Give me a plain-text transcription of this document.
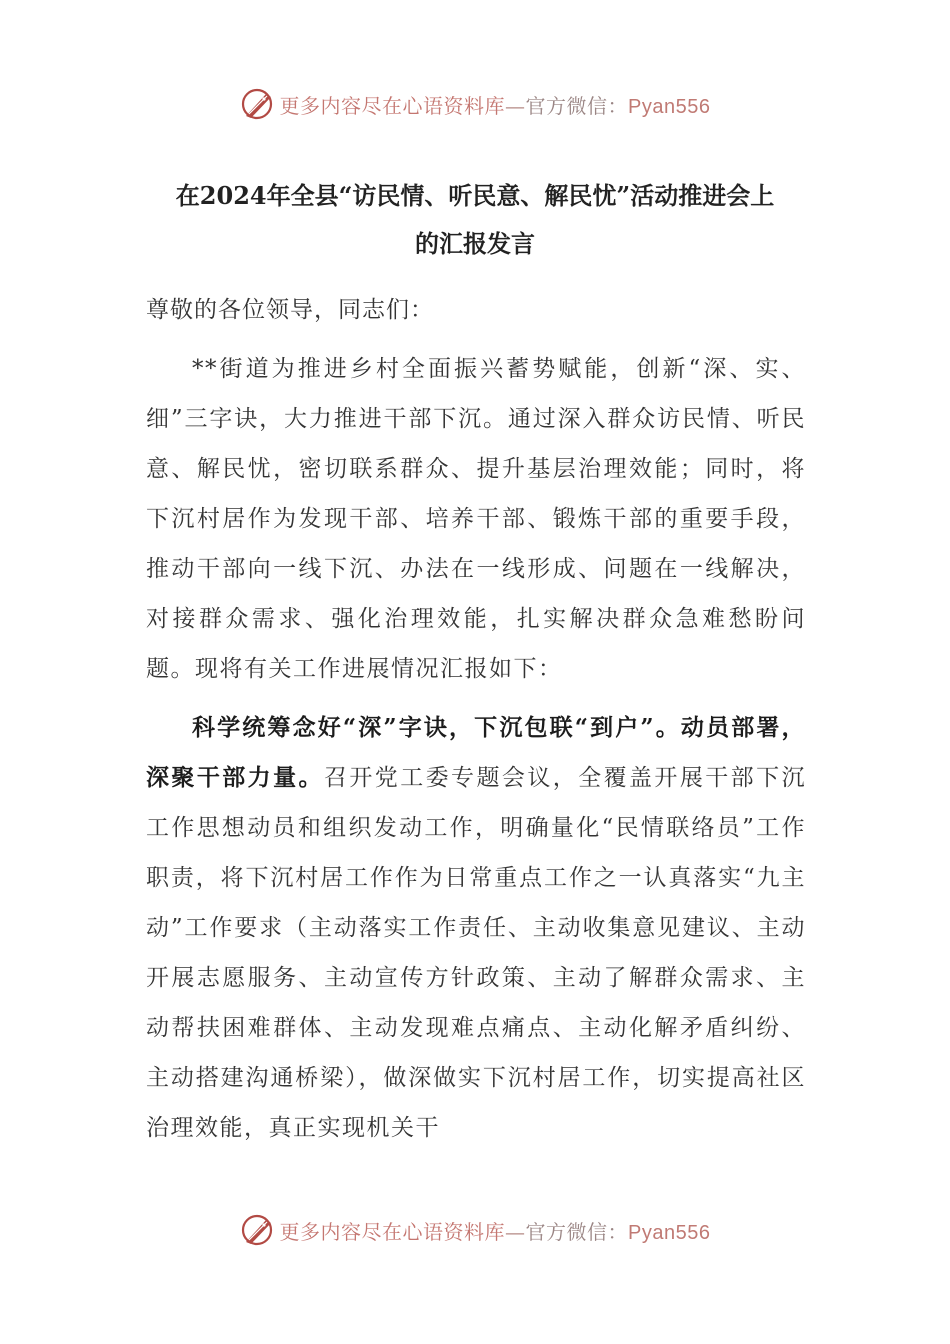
更多内容尽在心语资料库—官方微信：Pyan556
在2024年全县“访民情、听民意、解民忧”活动推进会上
的汇报发言

尊敬的各位领导，同志们：

**街道为推进乡村全面振兴蓄势赋能，创新“深、实、细”三字诀，大力推进干部下沉。通过深入群众访民情、听民意、解民忧，密切联系群众、提升基层治理效能；同时，将下沉村居作为发现干部、培养干部、锻炼干部的重要手段，推动干部向一线下沉、办法在一线形成、问题在一线解决，对接群众需求、强化治理效能，扎实解决群众急难愁盼问题。现将有关工作进展情况汇报如下：

科学统筹念好“深”字诀，下沉包联“到户”。动员部署，深聚干部力量。召开党工委专题会议，全覆盖开展干部下沉工作思想动员和组织发动工作，明确量化“民情联络员”工作职责，将下沉村居工作作为日常重点工作之一认真落实“九主动”工作要求（主动落实工作责任、主动收集意见建议、主动开展志愿服务、主动宣传方针政策、主动了解群众需求、主动帮扶困难群体、主动发现难点痛点、主动化解矛盾纠纷、主动搭建沟通桥梁），做深做实下沉村居工作，切实提高社区治理效能，真正实现机关干

更多内容尽在心语资料库—官方微信：Pyan556
